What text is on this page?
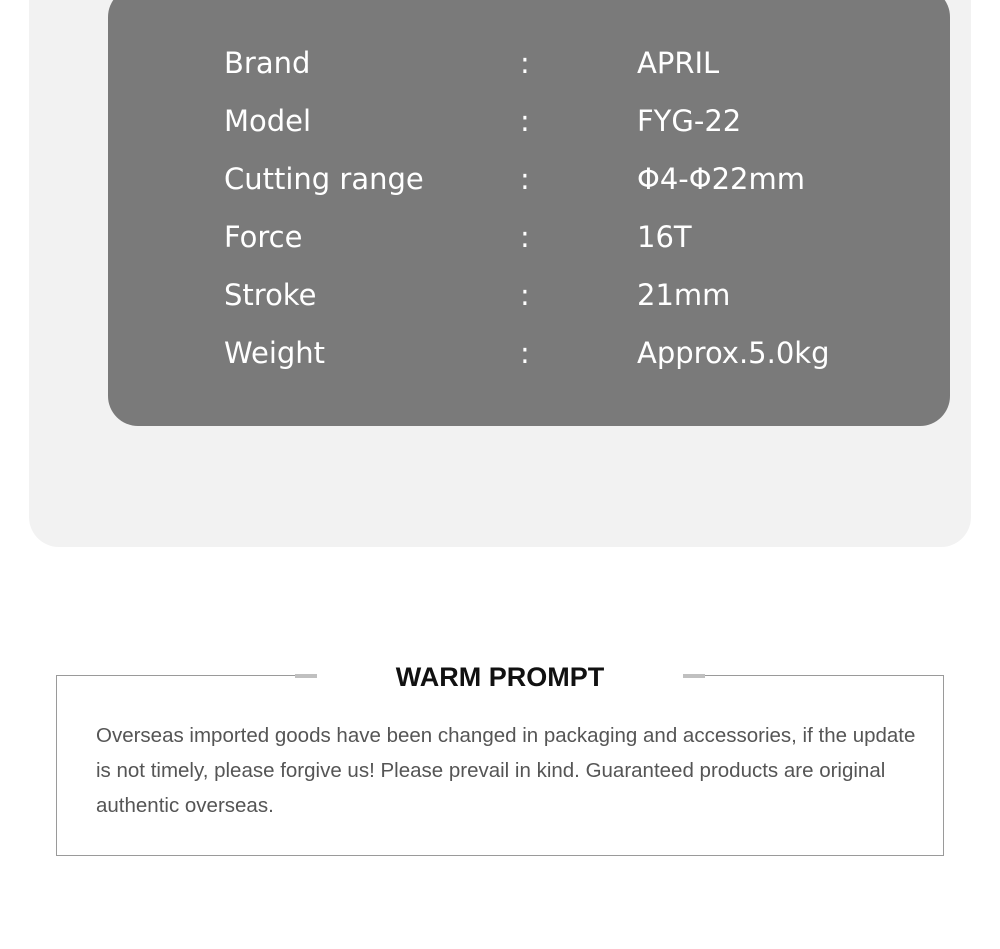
Brand	:	APRIL
Model	:	FYG-22
Cutting range	:	Φ4-Φ22mm
Force	:	16T
Stroke	:	21mm
Weight	:	Approx.5.0kg
WARM PROMPT
Overseas imported goods have been changed in packaging and accessories, if the update is not timely, please forgive us! Please prevail in kind. Guaranteed products are original authentic overseas.
